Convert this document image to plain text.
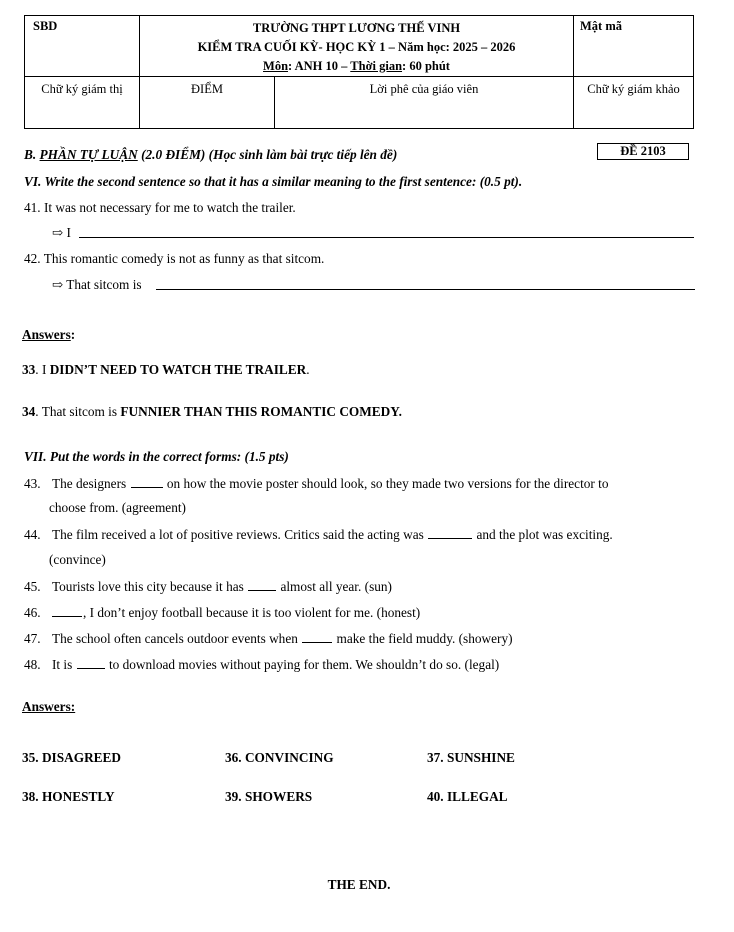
SBD	TRƯỜNG THPT LƯƠNG THẾ VINH
KIỂM TRA CUỐI KỲ- HỌC KỲ 1 – Năm học: 2025 – 2026
Môn: ANH 10 – Thời gian: 60 phút		Mật mã
Chữ ký giám thị	ĐIỂM	Lời phê của giáo viên	Chữ ký giám khảo
B. PHẦN TỰ LUẬN (2.0 ĐIỂM) (Học sinh làm bài trực tiếp lên đề)	ĐỀ 2103
VI. Write the second sentence so that it has a similar meaning to the first sentence: (0.5 pt).
41. It was not necessary for me to watch the trailer.
⇨ I
42. This romantic comedy is not as funny as that sitcom.
⇨ That sitcom is
Answers:
33. I DIDN’T NEED TO WATCH THE TRAILER.
34. That sitcom is FUNNIER THAN THIS ROMANTIC COMEDY.
VII. Put the words in the correct forms: (1.5 pts)
43. The designers	on how the movie poster should look, so they made two versions for the director to
choose from. (agreement)
44. The film received a lot of positive reviews. Critics said the acting was	and the plot was exciting.
(convince)
45. Tourists love this city because it has	almost all year. (sun)
46.	, I don’t enjoy football because it is too violent for me. (honest)
47. The school often cancels outdoor events when	make the field muddy. (showery)
48. It is	to download movies without paying for them. We shouldn’t do so. (legal)
Answers:
35. DISAGREED	36. CONVINCING	37. SUNSHINE
38. HONESTLY	39. SHOWERS	40. ILLEGAL
THE END.
